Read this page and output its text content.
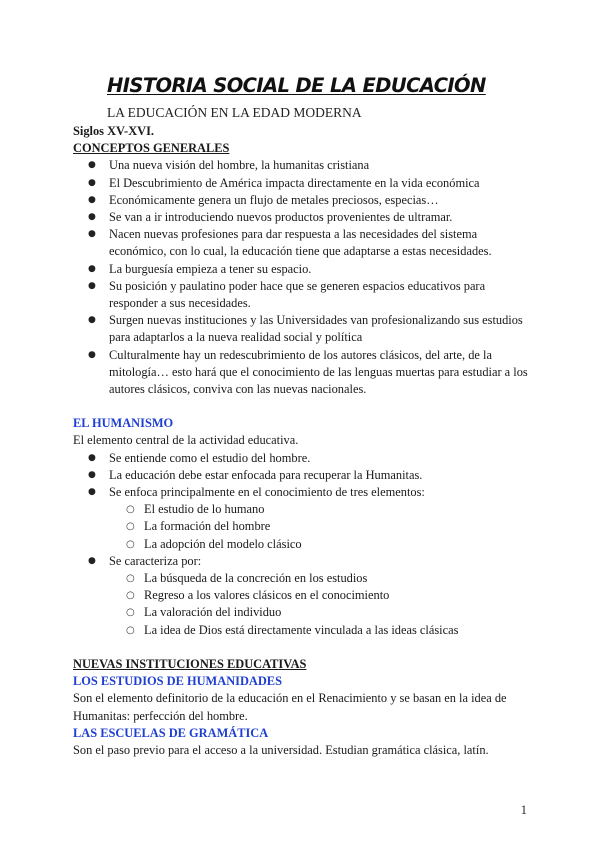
HISTORIA SOCIAL DE LA EDUCACIÓN
LA EDUCACIÓN EN LA EDAD MODERNA

Siglos XV-XVI.

CONCEPTOS GENERALES

● Una nueva visión del hombre, la humanitas cristiana
● El Descubrimiento de América impacta directamente en la vida económica
● Económicamente genera un flujo de metales preciosos, especias…
● Se van a ir introduciendo nuevos productos provenientes de ultramar.
● Nacen nuevas profesiones para dar respuesta a las necesidades del sistema económico, con lo cual, la educación tiene que adaptarse a estas necesidades.
● La burguesía empieza a tener su espacio.
● Su posición y paulatino poder hace que se generen espacios educativos para responder a sus necesidades.
● Surgen nuevas instituciones y las Universidades van profesionalizando sus estudios para adaptarlos a la nueva realidad social y política
● Culturalmente hay un redescubrimiento de los autores clásicos, del arte, de la mitología… esto hará que el conocimiento de las lenguas muertas para estudiar a los autores clásicos, conviva con las nuevas nacionales.

EL HUMANISMO

El elemento central de la actividad educativa.

● Se entiende como el estudio del hombre.
● La educación debe estar enfocada para recuperar la Humanitas.
● Se enfoca principalmente en el conocimiento de tres elementos:
○ El estudio de lo humano
○ La formación del hombre
○ La adopción del modelo clásico
● Se caracteriza por:
○ La búsqueda de la concreción en los estudios
○ Regreso a los valores clásicos en el conocimiento
○ La valoración del individuo
○ La idea de Dios está directamente vinculada a las ideas clásicas

NUEVAS INSTITUCIONES EDUCATIVAS

LOS ESTUDIOS DE HUMANIDADES

Son el elemento definitorio de la educación en el Renacimiento y se basan en la idea de Humanitas: perfección del hombre.

LAS ESCUELAS DE GRAMÁTICA

Son el paso previo para el acceso a la universidad. Estudian gramática clásica, latín.

1
